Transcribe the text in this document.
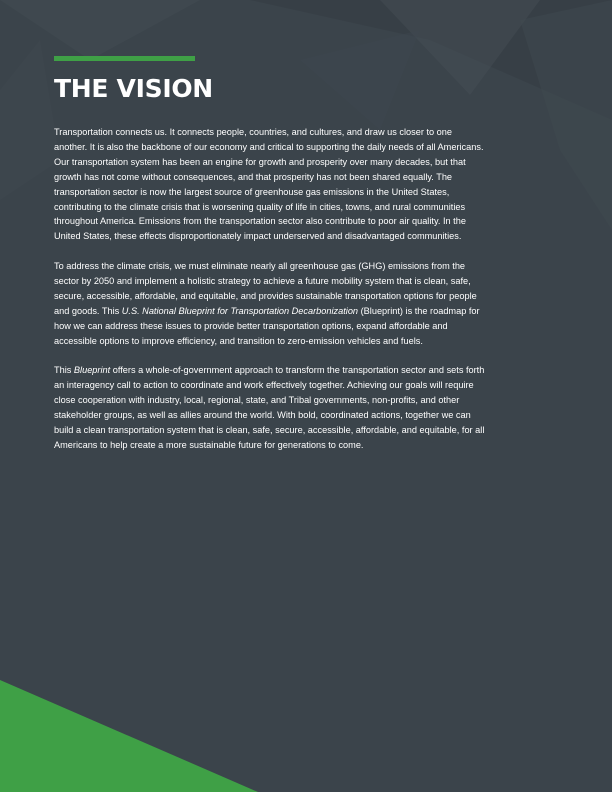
THE VISION

Transportation connects us. It connects people, countries, and cultures, and draw us closer to one another. It is also the backbone of our economy and critical to supporting the daily needs of all Americans. Our transportation system has been an engine for growth and prosperity over many decades, but that growth has not come without consequences, and that prosperity has not been shared equally. The transportation sector is now the largest source of greenhouse gas emissions in the United States, contributing to the climate crisis that is worsening quality of life in cities, towns, and rural communities throughout America. Emissions from the transportation sector also contribute to poor air quality. In the United States, these effects disproportionately impact underserved and disadvantaged communities.

To address the climate crisis, we must eliminate nearly all greenhouse gas (GHG) emissions from the sector by 2050 and implement a holistic strategy to achieve a future mobility system that is clean, safe, secure, accessible, affordable, and equitable, and provides sustainable transportation options for people and goods. This U.S. National Blueprint for Transportation Decarbonization (Blueprint) is the roadmap for how we can address these issues to provide better transportation options, expand affordable and accessible options to improve efficiency, and transition to zero-emission vehicles and fuels.

This Blueprint offers a whole-of-government approach to transform the transportation sector and sets forth an interagency call to action to coordinate and work effectively together. Achieving our goals will require close cooperation with industry, local, regional, state, and Tribal governments, non-profits, and other stakeholder groups, as well as allies around the world. With bold, coordinated actions, together we can build a clean transportation system that is clean, safe, secure, accessible, affordable, and equitable, for all Americans to help create a more sustainable future for generations to come.
